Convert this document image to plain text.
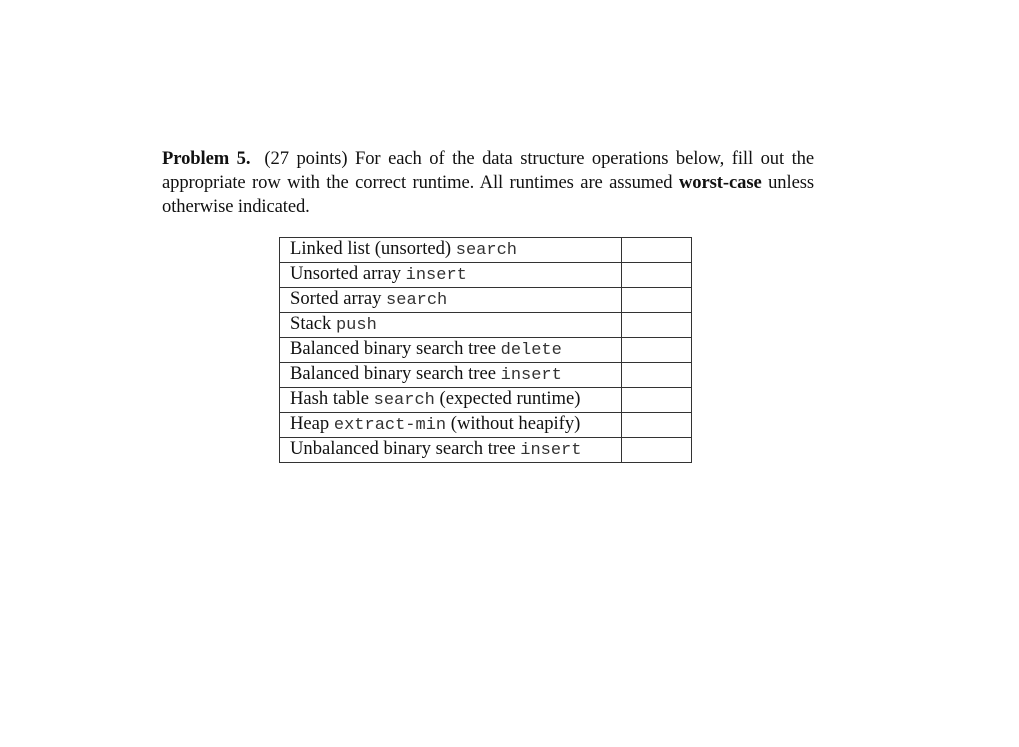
Problem 5. (27 points) For each of the data structure operations below, fill out the appropriate row with the correct runtime. All runtimes are assumed worst-case unless otherwise indicated.
Linked list (unsorted) search	
Unsorted array insert	
Sorted array search	
Stack push	
Balanced binary search tree delete	
Balanced binary search tree insert	
Hash table search (expected runtime)	
Heap extract-min (without heapify)	
Unbalanced binary search tree insert	
